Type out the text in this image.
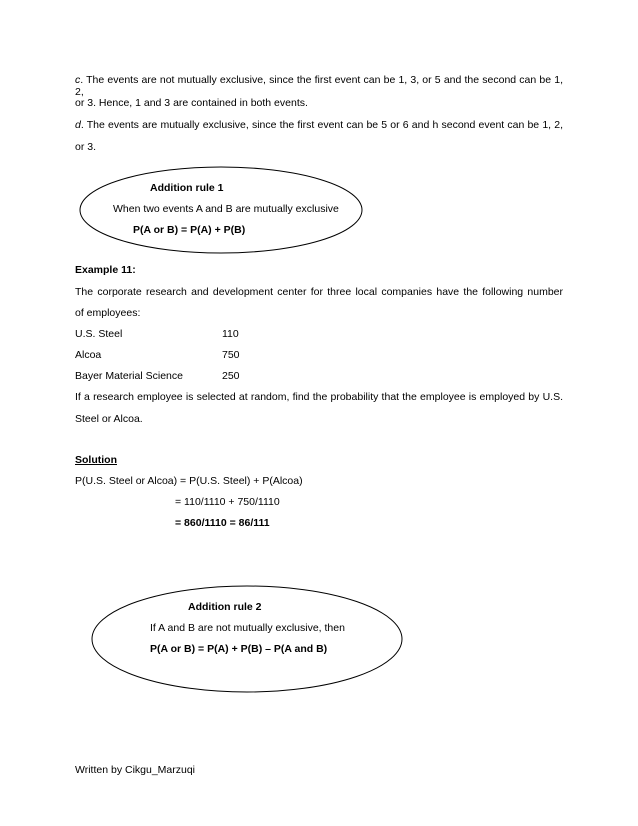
c. The events are not mutually exclusive, since the first event can be 1, 3, or 5 and the second can be 1, 2,
or 3. Hence, 1 and 3 are contained in both events.
d. The events are mutually exclusive, since the first event can be 5 or 6 and h second event can be 1, 2,
or 3.
Addition rule 1
When two events A and B are mutually exclusive
P(A or B) = P(A) + P(B)
Example 11:
The corporate research and development center for three local companies have the following number
of employees:
U.S. Steel	110
Alcoa	750
Bayer Material Science	250
If a research employee is selected at random, find the probability that the employee is employed by U.S.
Steel or Alcoa.
Solution
P(U.S. Steel or Alcoa) = P(U.S. Steel) + P(Alcoa)
= 110/1110 + 750/1110
= 860/1110 = 86/111
Addition rule 2
If A and B are not mutually exclusive, then
P(A or B) = P(A) + P(B) – P(A and B)
Written by Cikgu_Marzuqi
